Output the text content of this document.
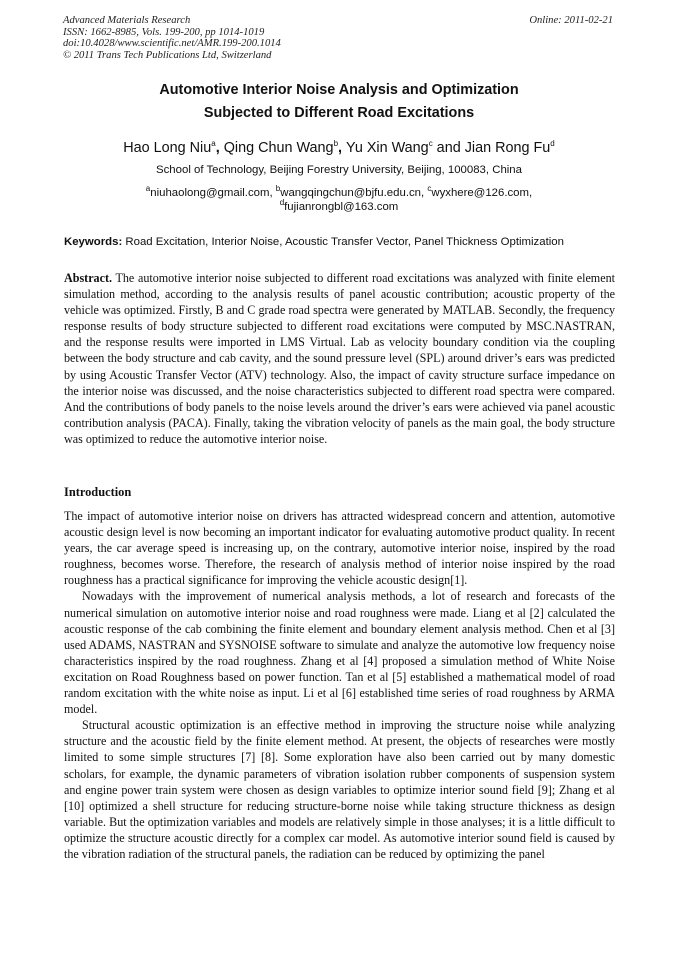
Advanced Materials Research
ISSN: 1662-8985, Vols. 199-200, pp 1014-1019
doi:10.4028/www.scientific.net/AMR.199-200.1014
© 2011 Trans Tech Publications Ltd, Switzerland
Online: 2011-02-21
Automotive Interior Noise Analysis and Optimization
Subjected to Different Road Excitations
Hao Long Niu$^a$, Qing Chun Wang$^b$, Yu Xin Wang$^c$ and Jian Rong Fu$^d$
School of Technology, Beijing Forestry University, Beijing, 100083, China
$^a$niuhaolong@gmail.com, $^b$wangqingchun@bjfu.edu.cn, $^c$wyxhere@126.com,
$^d$fujianrongbl@163.com
Keywords: Road Excitation, Interior Noise, Acoustic Transfer Vector, Panel Thickness Optimization
Abstract. The automotive interior noise subjected to different road excitations was analyzed with finite element simulation method, according to the analysis results of panel acoustic contribution; acoustic property of the vehicle was optimized. Firstly, B and C grade road spectra were generated by MATLAB. Secondly, the frequency response results of body structure subjected to different road excitations were computed by MSC.NASTRAN, and the response results were imported in LMS Virtual. Lab as velocity boundary condition via the coupling between the body structure and cab cavity, and the sound pressure level (SPL) around driver’s ears was predicted by using Acoustic Transfer Vector (ATV) technology. Also, the impact of cavity structure surface impedance on the interior noise was discussed, and the noise characteristics subjected to different road spectra were compared. And the contributions of body panels to the noise levels around the driver’s ears were achieved via panel acoustic contribution analysis (PACA). Finally, taking the vibration velocity of panels as the main goal, the body structure was optimized to reduce the automotive interior noise.
Introduction

The impact of automotive interior noise on drivers has attracted widespread concern and attention, automotive acoustic design level is now becoming an important indicator for evaluating automotive product quality. In recent years, the car average speed is increasing up, on the contrary, automotive interior noise, inspired by the road roughness, becomes worse. Therefore, the research of analysis method of interior noise inspired by the road roughness has a practical significance for improving the vehicle acoustic design[1].

Nowadays with the improvement of numerical analysis methods, a lot of research and forecasts of the numerical simulation on automotive interior noise and road roughness were made. Liang et al [2] calculated the acoustic response of the cab combining the finite element and boundary element analysis method. Chen et al [3] used ADAMS, NASTRAN and SYSNOISE software to simulate and analyze the automotive low frequency noise characteristics inspired by the road roughness. Zhang et al [4] proposed a simulation method of White Noise excitation on Road Roughness based on power function. Tan et al [5] established a mathematical model of road random excitation with the white noise as input. Li et al [6] established time series of road roughness by ARMA model.

Structural acoustic optimization is an effective method in improving the structure noise while analyzing structure and the acoustic field by the finite element method. At present, the objects of researches were mostly limited to some simple structures [7] [8]. Some exploration have also been carried out by many domestic scholars, for example, the dynamic parameters of vibration isolation rubber components of suspension system and engine power train system were chosen as design variables to optimize interior sound field [9]; Zhang et al [10] optimized a shell structure for reducing structure-borne noise while taking structure thickness as design variable. But the optimization variables and models are relatively simple in those analyses; it is a little difficult to optimize the structure acoustic directly for a complex car model. As automotive interior sound field is caused by the vibration radiation of the structural panels, the radiation can be reduced by optimizing the panel
